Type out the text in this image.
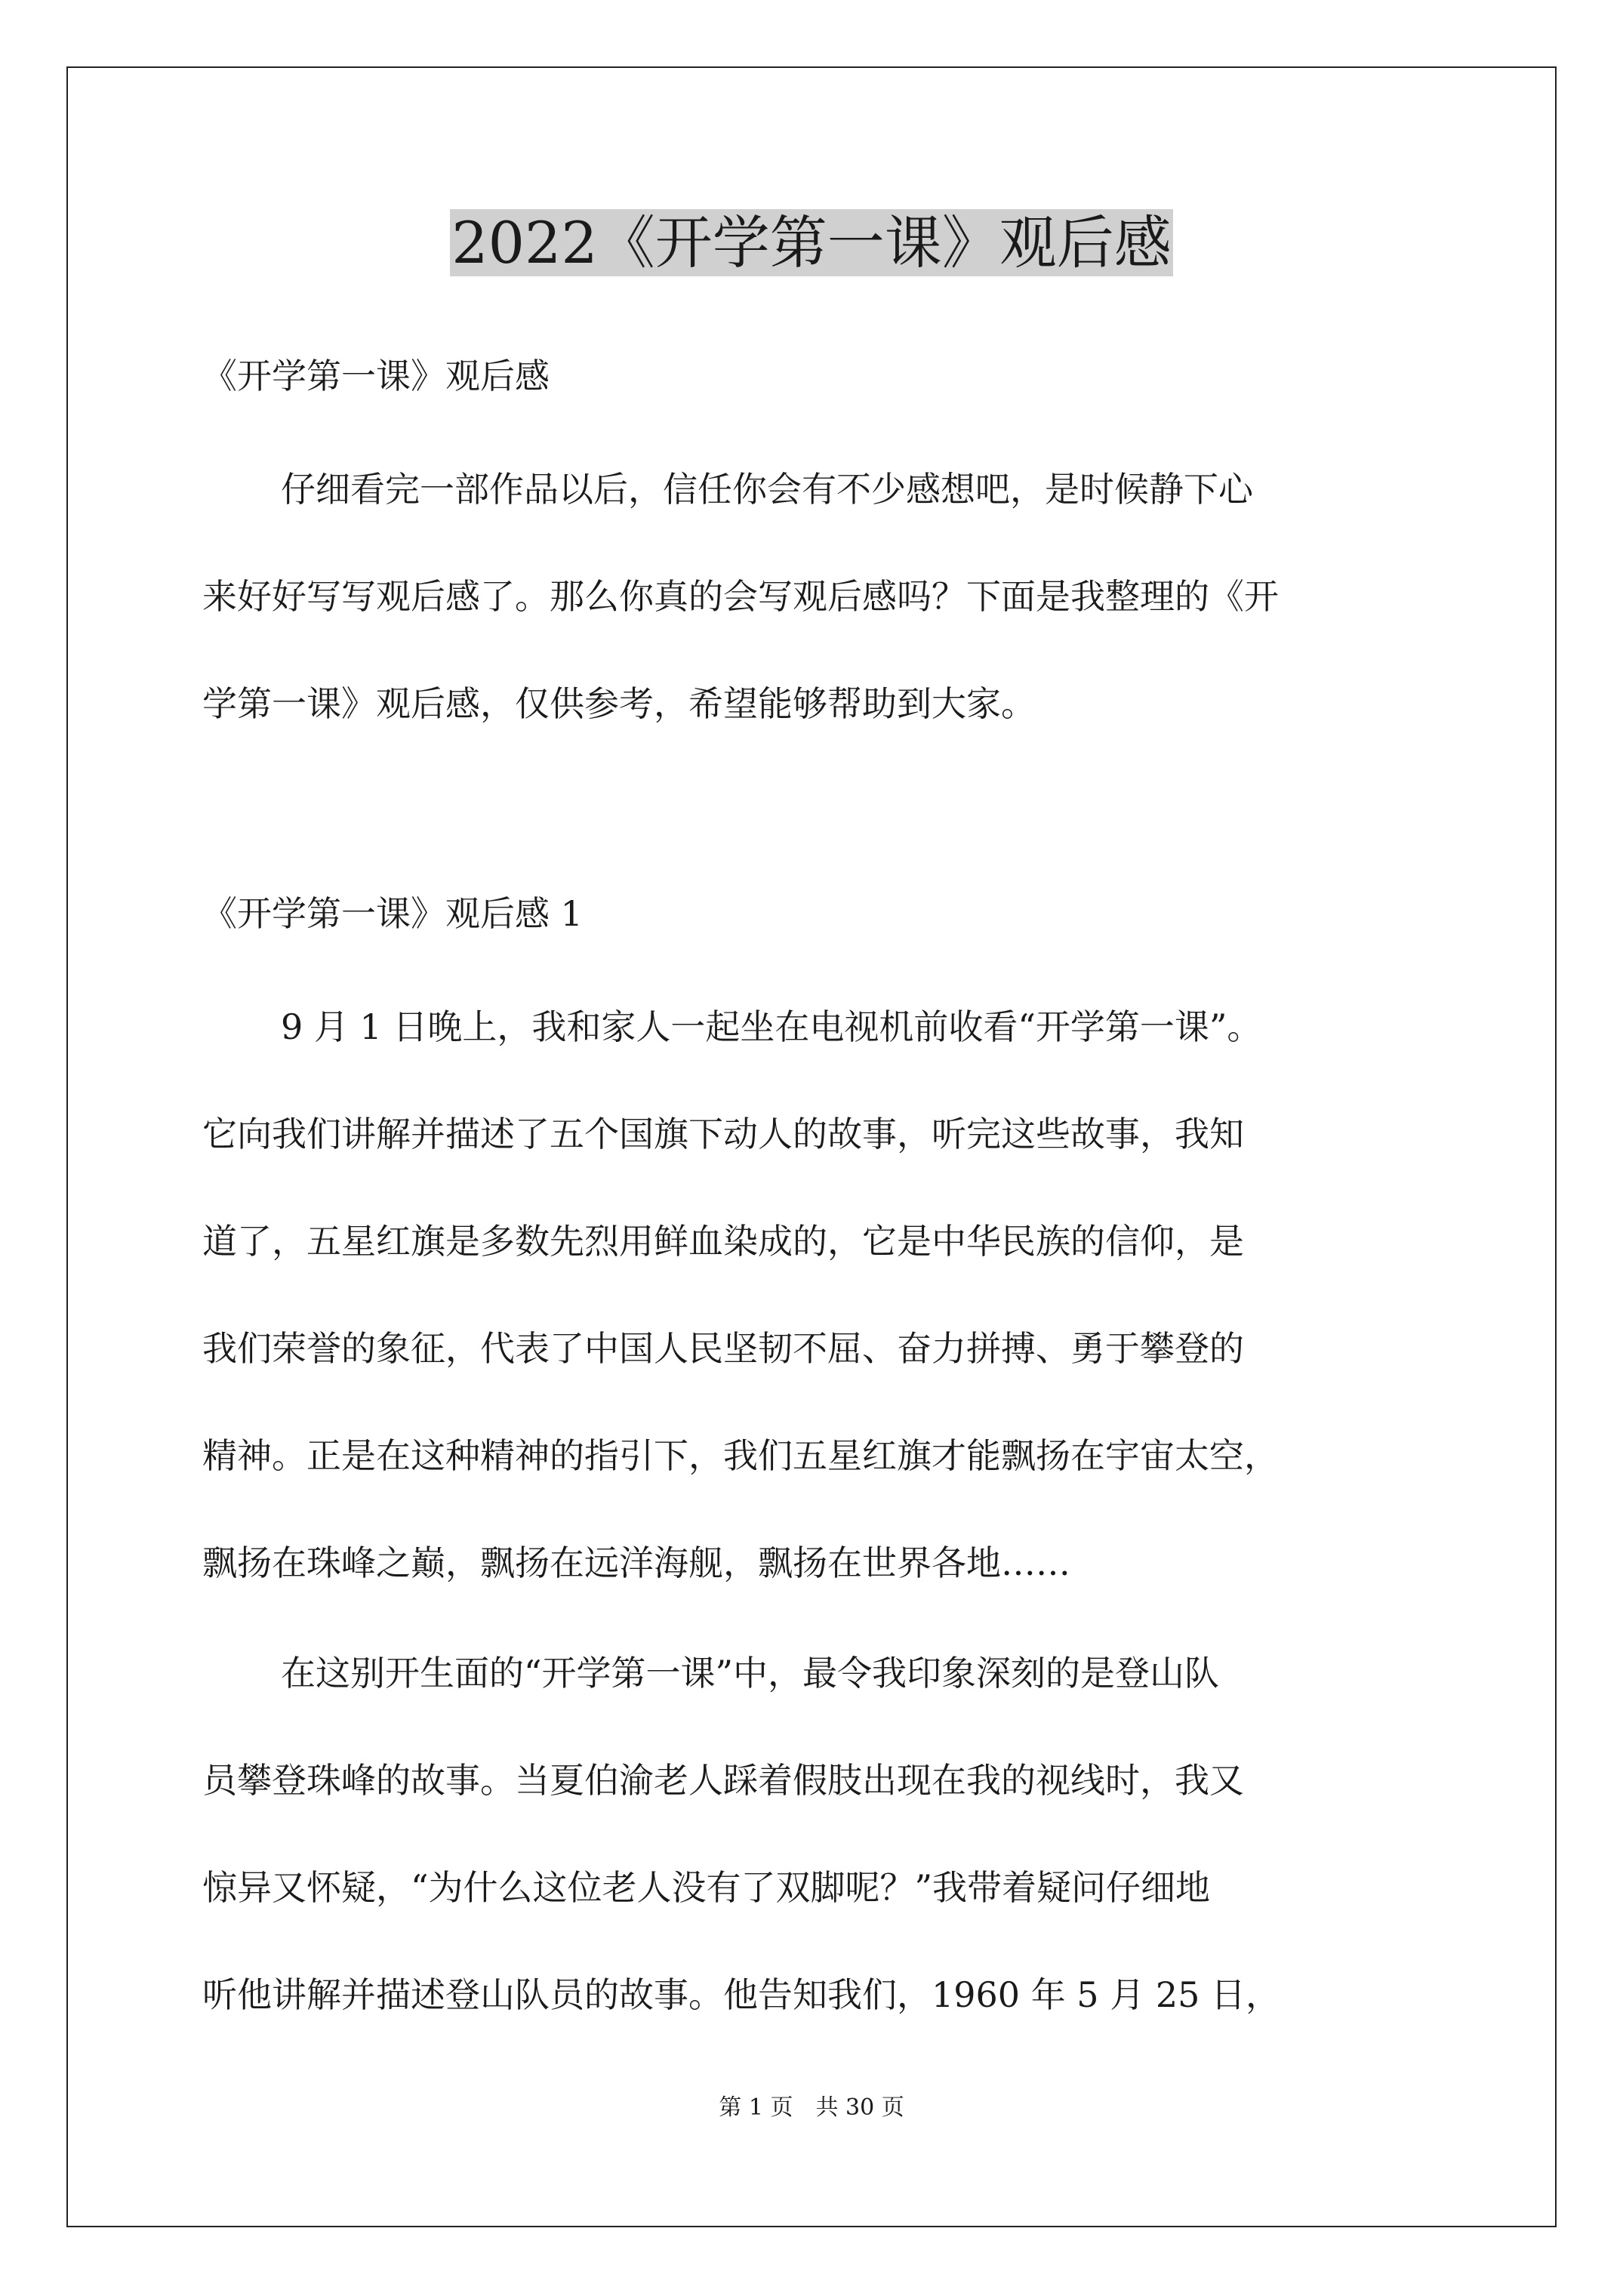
2022《开学第一课》观后感
《开学第一课》观后感
仔细看完一部作品以后，信任你会有不少感想吧，是时候静下心
来好好写写观后感了。那么你真的会写观后感吗？下面是我整理的《开
学第一课》观后感，仅供参考，希望能够帮助到大家。
《开学第一课》观后感 1
9 月 1 日晚上，我和家人一起坐在电视机前收看“开学第一课”。
它向我们讲解并描述了五个国旗下动人的故事，听完这些故事，我知
道了，五星红旗是多数先烈用鲜血染成的，它是中华民族的信仰，是
我们荣誉的象征，代表了中国人民坚韧不屈、奋力拼搏、勇于攀登的
精神。正是在这种精神的指引下，我们五星红旗才能飘扬在宇宙太空，
飘扬在珠峰之巅，飘扬在远洋海舰，飘扬在世界各地……
在这别开生面的“开学第一课”中，最令我印象深刻的是登山队
员攀登珠峰的故事。当夏伯渝老人踩着假肢出现在我的视线时，我又
惊异又怀疑，“为什么这位老人没有了双脚呢？”我带着疑问仔细地
听他讲解并描述登山队员的故事。他告知我们，1960 年 5 月 25 日，
第 1 页　共 30 页
